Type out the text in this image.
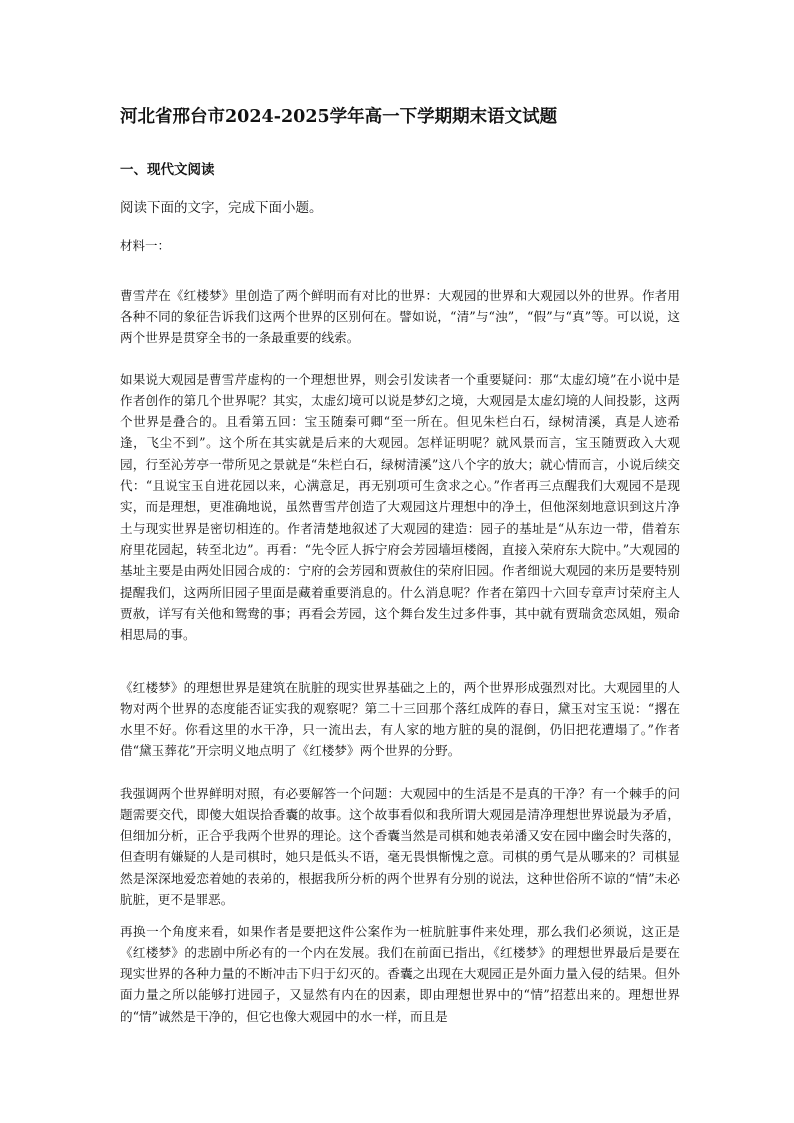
河北省邢台市2024-2025学年高一下学期期末语文试题
一、现代文阅读
阅读下面的文字，完成下面小题。
材料一：

曹雪芹在《红楼梦》里创造了两个鲜明而有对比的世界：大观园的世界和大观园以外的世界。作者用各种不同的象征告诉我们这两个世界的区别何在。譬如说，“清”与“浊”，“假”与“真”等。可以说，这两个世界是贯穿全书的一条最重要的线索。

如果说大观园是曹雪芹虚构的一个理想世界，则会引发读者一个重要疑问：那“太虚幻境”在小说中是作者创作的第几个世界呢？其实，太虚幻境可以说是梦幻之境，大观园是太虚幻境的人间投影，这两个世界是叠合的。且看第五回：宝玉随秦可卿“至一所在。但见朱栏白石，绿树清溪，真是人迹希逢，飞尘不到”。这个所在其实就是后来的大观园。怎样证明呢？就风景而言，宝玉随贾政入大观园，行至沁芳亭一带所见之景就是“朱栏白石，绿树清溪”这八个字的放大；就心情而言，小说后续交代：“且说宝玉自进花园以来，心满意足，再无别项可生贪求之心。”作者再三点醒我们大观园不是现实，而是理想，更准确地说，虽然曹雪芹创造了大观园这片理想中的净土，但他深刻地意识到这片净土与现实世界是密切相连的。作者清楚地叙述了大观园的建造：园子的基址是“从东边一带，借着东府里花园起，转至北边”。再看：“先令匠人拆宁府会芳园墙垣楼阁，直接入荣府东大院中。”大观园的基址主要是由两处旧园合成的：宁府的会芳园和贾赦住的荣府旧园。作者细说大观园的来历是要特别提醒我们，这两所旧园子里面是藏着重要消息的。什么消息呢？作者在第四十六回专章声讨荣府主人贾赦，详写有关他和鸳鸯的事；再看会芳园，这个舞台发生过多件事，其中就有贾瑞贪恋凤姐，殒命相思局的事。

《红楼梦》的理想世界是建筑在肮脏的现实世界基础之上的，两个世界形成强烈对比。大观园里的人物对两个世界的态度能否证实我的观察呢？第二十三回那个落红成阵的春日，黛玉对宝玉说：“撂在水里不好。你看这里的水干净，只一流出去，有人家的地方脏的臭的混倒，仍旧把花遭塌了。”作者借“黛玉葬花”开宗明义地点明了《红楼梦》两个世界的分野。

我强调两个世界鲜明对照，有必要解答一个问题：大观园中的生活是不是真的干净？有一个棘手的问题需要交代，即傻大姐误拾香囊的故事。这个故事看似和我所谓大观园是清净理想世界说最为矛盾，但细加分析，正合乎我两个世界的理论。这个香囊当然是司棋和她表弟潘又安在园中幽会时失落的，但查明有嫌疑的人是司棋时，她只是低头不语，毫无畏惧惭愧之意。司棋的勇气是从哪来的？司棋显然是深深地爱恋着她的表弟的，根据我所分析的两个世界有分别的说法，这种世俗所不谅的“情”未必肮脏，更不是罪恶。

再换一个角度来看，如果作者是要把这件公案作为一桩肮脏事件来处理，那么我们必须说，这正是《红楼梦》的悲剧中所必有的一个内在发展。我们在前面已指出，《红楼梦》的理想世界最后是要在现实世界的各种力量的不断冲击下归于幻灭的。香囊之出现在大观园正是外面力量入侵的结果。但外面力量之所以能够打进园子，又显然有内在的因素，即由理想世界中的“情”招惹出来的。理想世界的“情”诚然是干净的，但它也像大观园中的水一样，而且是
